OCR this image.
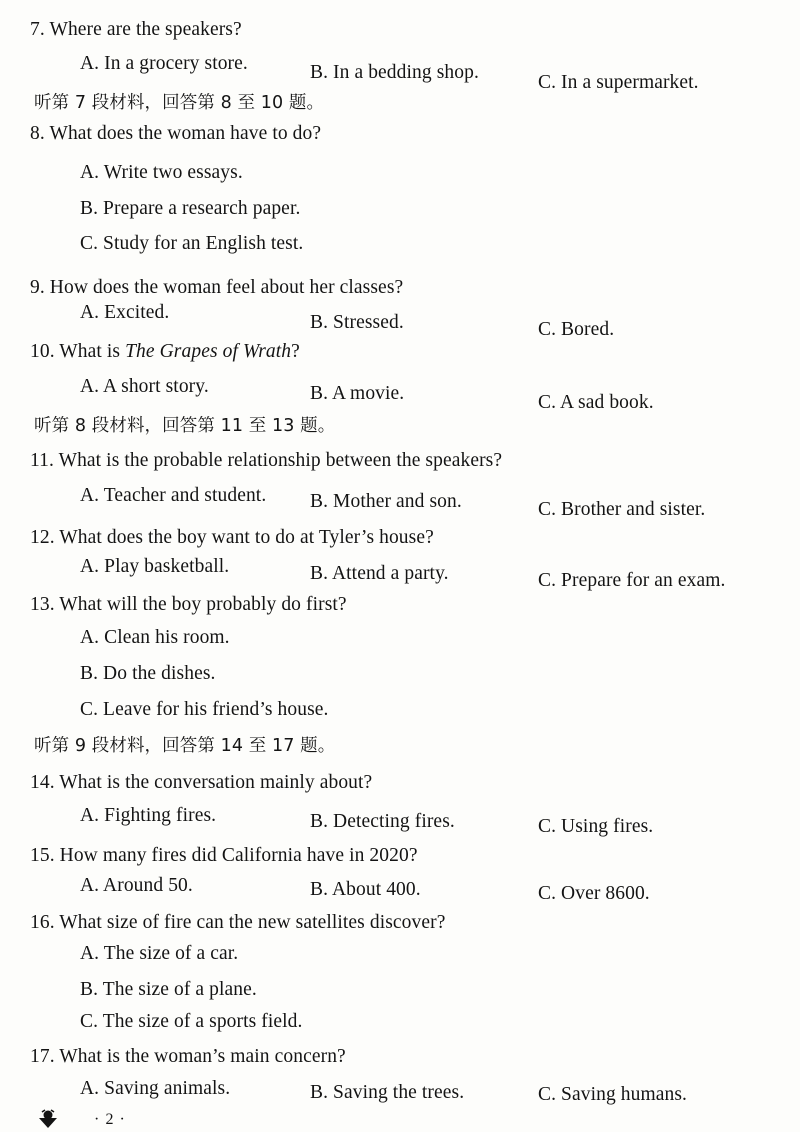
7. Where are the speakers?
A. In a grocery store.	B. In a bedding shop.	C. In a supermarket.
听第 7 段材料，回答第 8 至 10 题。
8. What does the woman have to do?
A. Write two essays.
B. Prepare a research paper.
C. Study for an English test.
9. How does the woman feel about her classes?
A. Excited.	B. Stressed.	C. Bored.
10. What is The Grapes of Wrath?
A. A short story.	B. A movie.	C. A sad book.
听第 8 段材料，回答第 11 至 13 题。
11. What is the probable relationship between the speakers?
A. Teacher and student. B. Mother and son.	C. Brother and sister.
12. What does the boy want to do at Tyler’s house?
A. Play basketball.	B. Attend a party.	C. Prepare for an exam.
13. What will the boy probably do first?
A. Clean his room.
B. Do the dishes.
C. Leave for his friend’s house.
听第 9 段材料，回答第 14 至 17 题。
14. What is the conversation mainly about?
A. Fighting fires.	B. Detecting fires.	C. Using fires.
15. How many fires did California have in 2020?
A. Around 50.	B. About 400.	C. Over 8600.
16. What size of fire can the new satellites discover?
A. The size of a car.
B. The size of a plane.
C. The size of a sports field.
17. What is the woman’s main concern?
A. Saving animals.	B. Saving the trees.	C. Saving humans.
· 2 ·
